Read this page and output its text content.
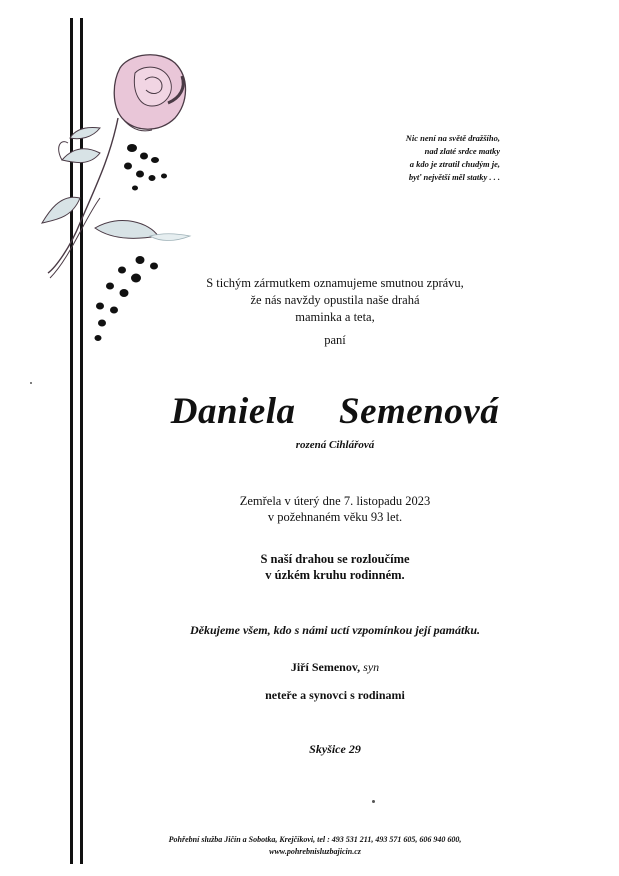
Nic není na světě dražšího,
nad zlaté srdce matky
a kdo je ztratil chudým je,
byť největší měl statky . . .
S tichým zármutkem oznamujeme smutnou zprávu,
že nás navždy opustila naše drahá
maminka a teta,
paní
Daniela  Semenová
rozená Cihlářová
Zemřela v úterý dne 7. listopadu 2023
v požehnaném věku 93 let.
S naší drahou se rozloučíme
v úzkém kruhu rodinném.
Děkujeme všem, kdo s námi uctí vzpomínkou její památku.
Jiří Semenov, syn
neteře a synovci s rodinami
Skyšice 29
Pohřební služba Jičín a Sobotka, Krejčíkovi, tel : 493 531 211, 493 571 605, 606 940 600,
www.pohrebnisluzbajicin.cz
